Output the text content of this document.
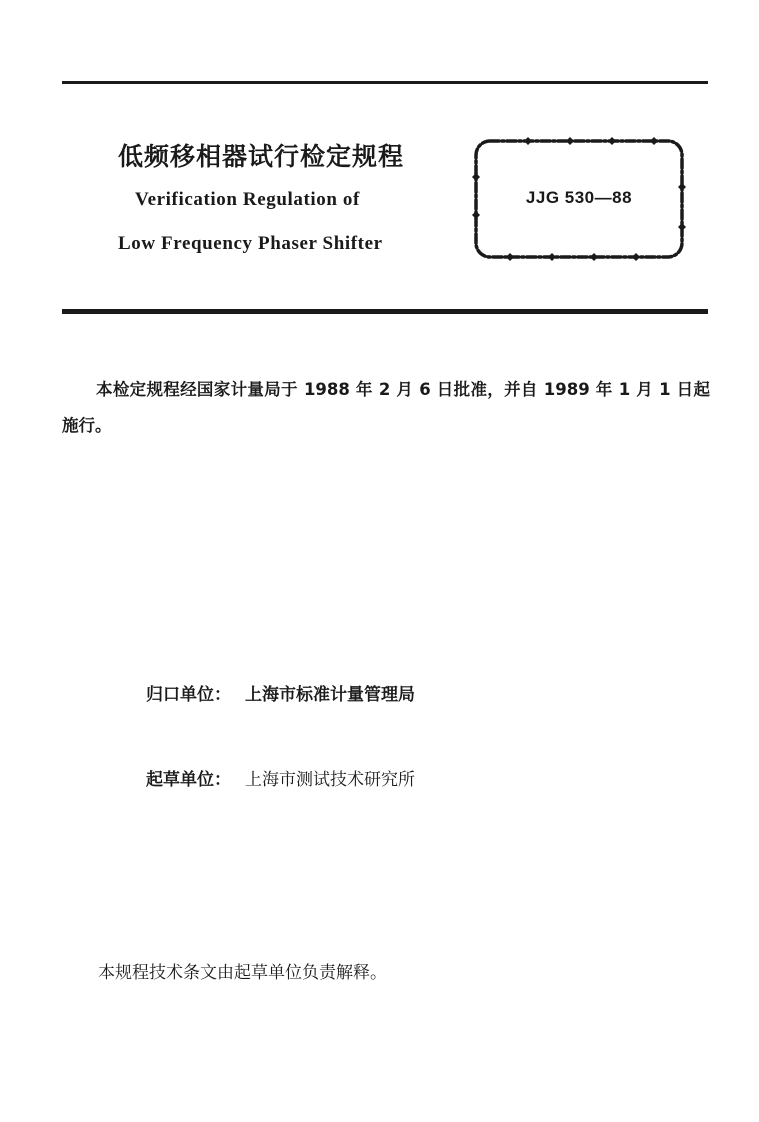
低频移相器试行检定规程
Verification Regulation of
Low Frequency Phaser Shifter
JJG 530—88
本检定规程经国家计量局于 1988 年 2 月 6 日批准，并自 1989 年 1 月 1 日起施行。
归口单位： 上海市标准计量管理局
起草单位： 上海市测试技术研究所
本规程技术条文由起草单位负责解释。
